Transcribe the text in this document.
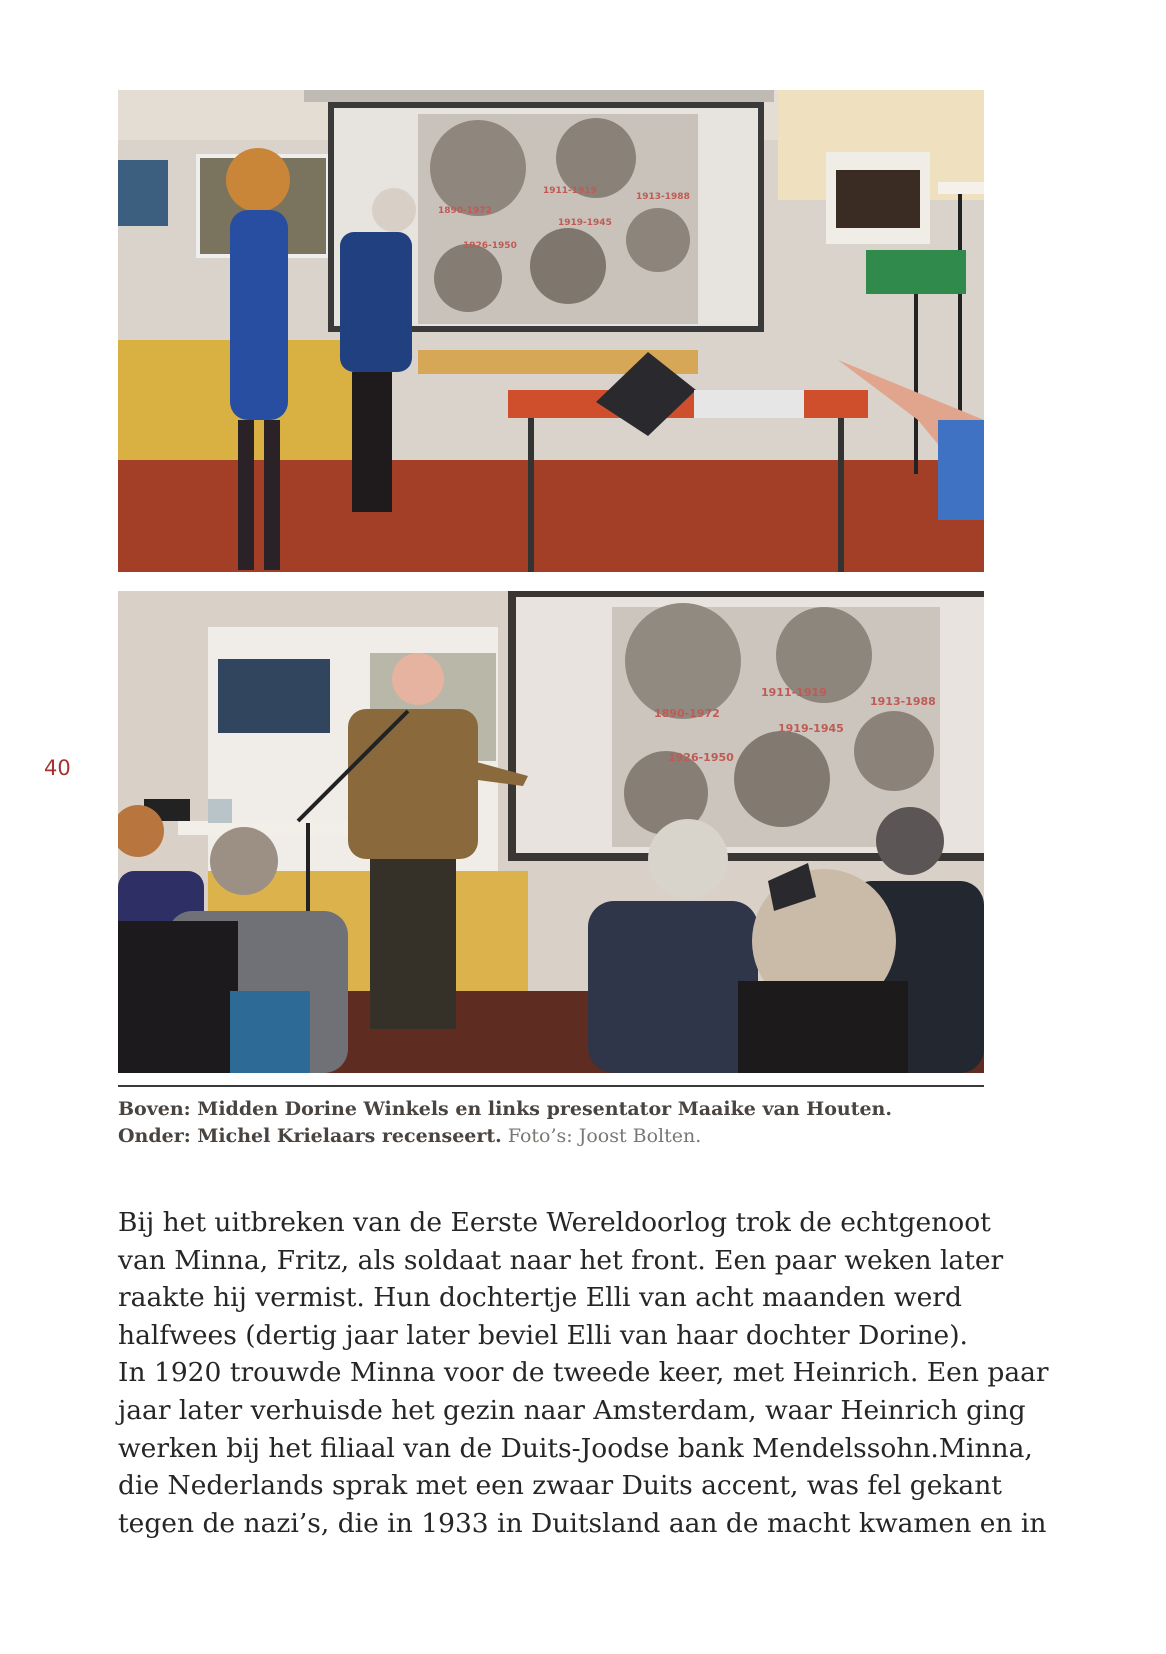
40
1890-1972
1911-1919
1913-1988
1919-1945
1926-1950
1890-1972
1911-1919
1913-1988
1919-1945
1926-1950
Boven: Midden Dorine Winkels en links presentator Maaike van Houten.
Onder: Michel Krielaars recenseert. Foto’s: Joost Bolten.
Bij het uitbreken van de Eerste Wereldoorlog trok de echtgenoot
van Minna, Fritz, als soldaat naar het front. Een paar weken later
raakte hij vermist. Hun dochtertje Elli van acht maanden werd
halfwees (dertig jaar later beviel Elli van haar dochter Dorine).
In 1920 trouwde Minna voor de tweede keer, met Heinrich. Een paar
jaar later verhuisde het gezin naar Amsterdam, waar Heinrich ging
werken bij het filiaal van de Duits-Joodse bank Mendelssohn.Minna,
die Nederlands sprak met een zwaar Duits accent, was fel gekant
tegen de nazi’s, die in 1933 in Duitsland aan de macht kwamen en in
